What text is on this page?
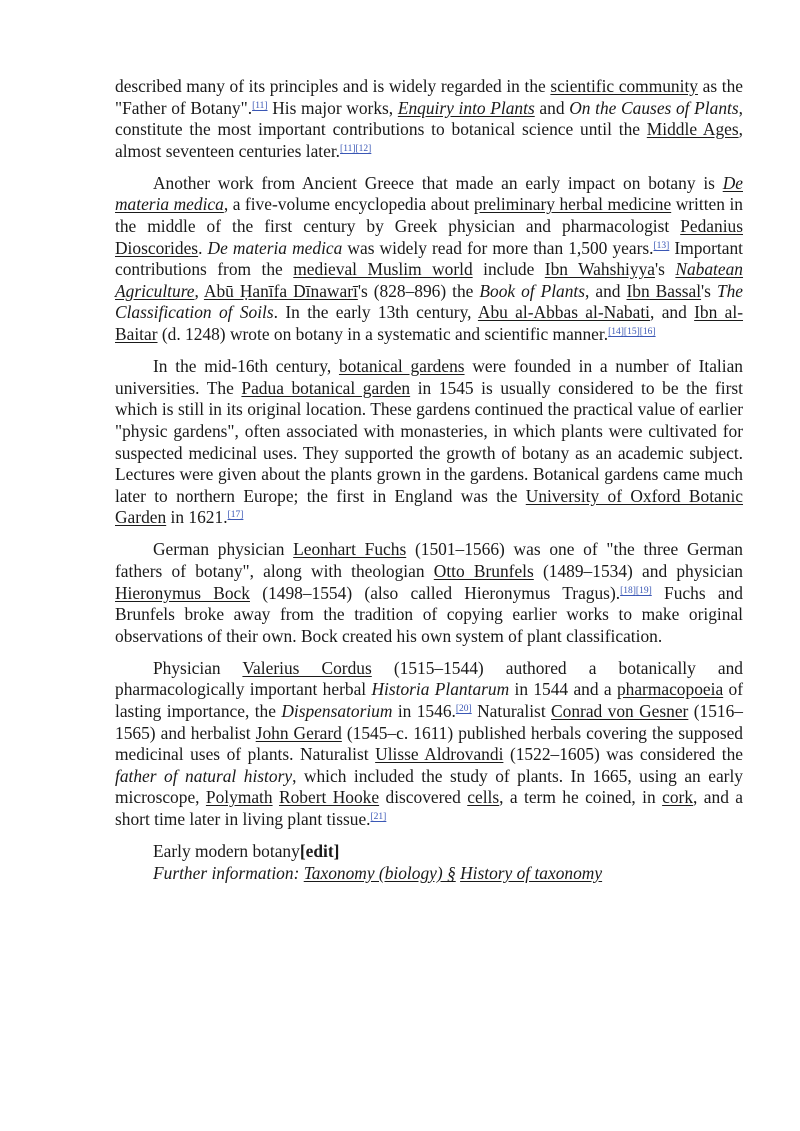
described many of its principles and is widely regarded in the scientific community as the "Father of Botany".[11] His major works, Enquiry into Plants and On the Causes of Plants, constitute the most important contributions to botanical science until the Middle Ages, almost seventeen centuries later.[11][12]

Another work from Ancient Greece that made an early impact on botany is De materia medica, a five-volume encyclopedia about preliminary herbal medicine written in the middle of the first century by Greek physician and pharmacologist Pedanius Dioscorides. De materia medica was widely read for more than 1,500 years.[13] Important contributions from the medieval Muslim world include Ibn Wahshiyya's Nabatean Agriculture, Abū Ḥanīfa Dīnawarī's (828–896) the Book of Plants, and Ibn Bassal's The Classification of Soils. In the early 13th century, Abu al-Abbas al-Nabati, and Ibn al-Baitar (d. 1248) wrote on botany in a systematic and scientific manner.[14][15][16]

In the mid-16th century, botanical gardens were founded in a number of Italian universities. The Padua botanical garden in 1545 is usually considered to be the first which is still in its original location. These gardens continued the practical value of earlier "physic gardens", often associated with monasteries, in which plants were cultivated for suspected medicinal uses. They supported the growth of botany as an academic subject. Lectures were given about the plants grown in the gardens. Botanical gardens came much later to northern Europe; the first in England was the University of Oxford Botanic Garden in 1621.[17]

German physician Leonhart Fuchs (1501–1566) was one of "the three German fathers of botany", along with theologian Otto Brunfels (1489–1534) and physician Hieronymus Bock (1498–1554) (also called Hieronymus Tragus).[18][19] Fuchs and Brunfels broke away from the tradition of copying earlier works to make original observations of their own. Bock created his own system of plant classification.

Physician Valerius Cordus (1515–1544) authored a botanically and pharmacologically important herbal Historia Plantarum in 1544 and a pharmacopoeia of lasting importance, the Dispensatorium in 1546.[20] Naturalist Conrad von Gesner (1516–1565) and herbalist John Gerard (1545–c. 1611) published herbals covering the supposed medicinal uses of plants. Naturalist Ulisse Aldrovandi (1522–1605) was considered the father of natural history, which included the study of plants. In 1665, using an early microscope, Polymath Robert Hooke discovered cells, a term he coined, in cork, and a short time later in living plant tissue.[21]

Early modern botany[edit]
Further information: Taxonomy (biology) § History of taxonomy
